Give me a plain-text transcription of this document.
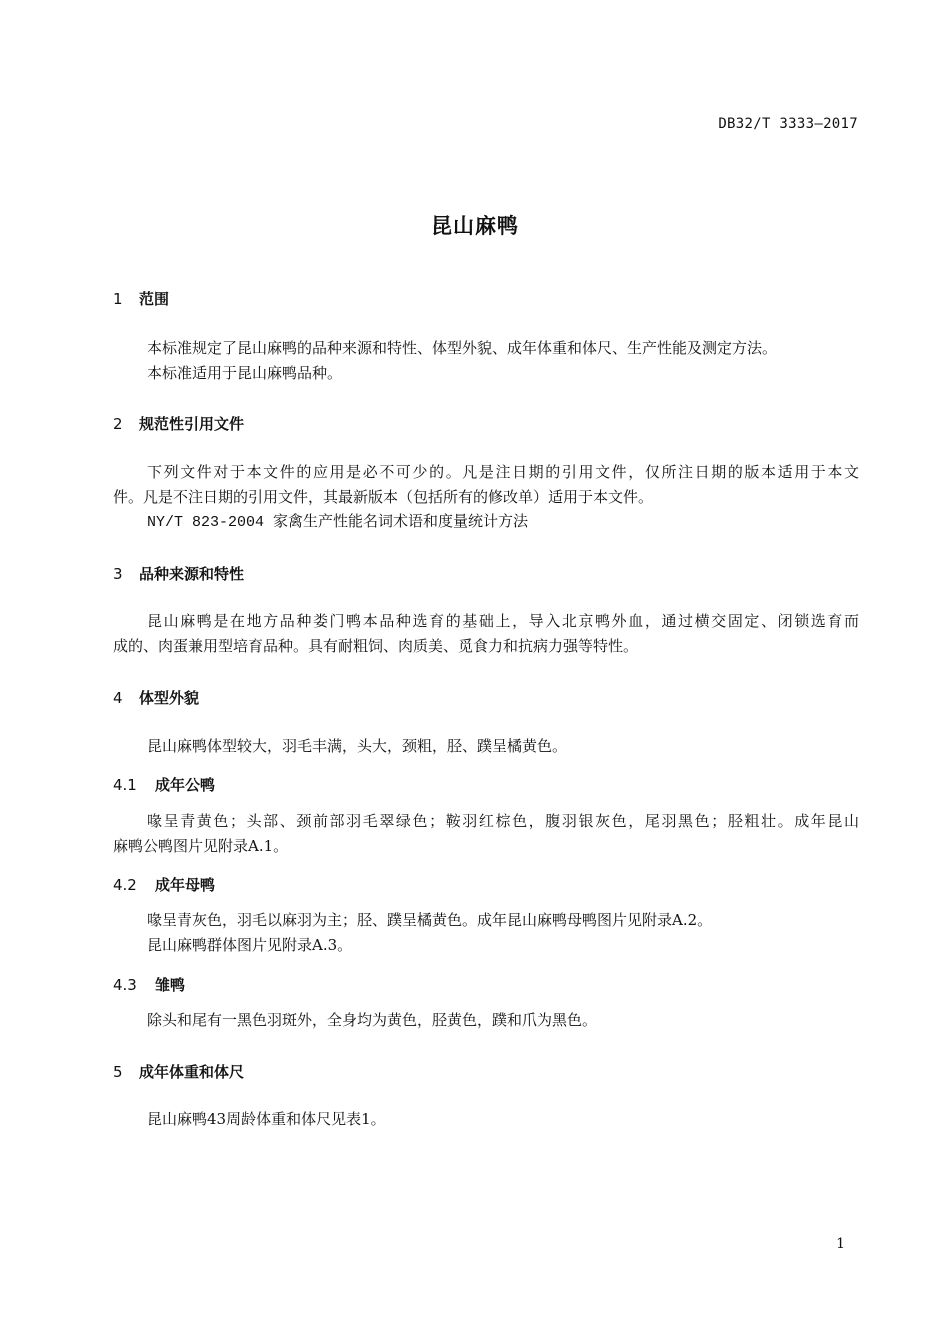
DB32/T 3333—2017
昆山麻鸭
1 范围
本标准规定了昆山麻鸭的品种来源和特性、体型外貌、成年体重和体尺、生产性能及测定方法。
本标准适用于昆山麻鸭品种。
2 规范性引用文件
下列文件对于本文件的应用是必不可少的。凡是注日期的引用文件，仅所注日期的版本适用于本文
件。凡是不注日期的引用文件，其最新版本（包括所有的修改单）适用于本文件。
NY/T 823-2004 家禽生产性能名词术语和度量统计方法
3 品种来源和特性
昆山麻鸭是在地方品种娄门鸭本品种选育的基础上，导入北京鸭外血，通过横交固定、闭锁选育而
成的、肉蛋兼用型培育品种。具有耐粗饲、肉质美、觅食力和抗病力强等特性。
4 体型外貌
昆山麻鸭体型较大，羽毛丰满，头大，颈粗，胫、蹼呈橘黄色。
4.1 成年公鸭
喙呈青黄色；头部、颈前部羽毛翠绿色；鞍羽红棕色，腹羽银灰色，尾羽黑色；胫粗壮。成年昆山
麻鸭公鸭图片见附录A.1。
4.2 成年母鸭
喙呈青灰色，羽毛以麻羽为主；胫、蹼呈橘黄色。成年昆山麻鸭母鸭图片见附录A.2。
昆山麻鸭群体图片见附录A.3。
4.3 雏鸭
除头和尾有一黑色羽斑外，全身均为黄色，胫黄色，蹼和爪为黑色。
5 成年体重和体尺
昆山麻鸭43周龄体重和体尺见表1。
1
